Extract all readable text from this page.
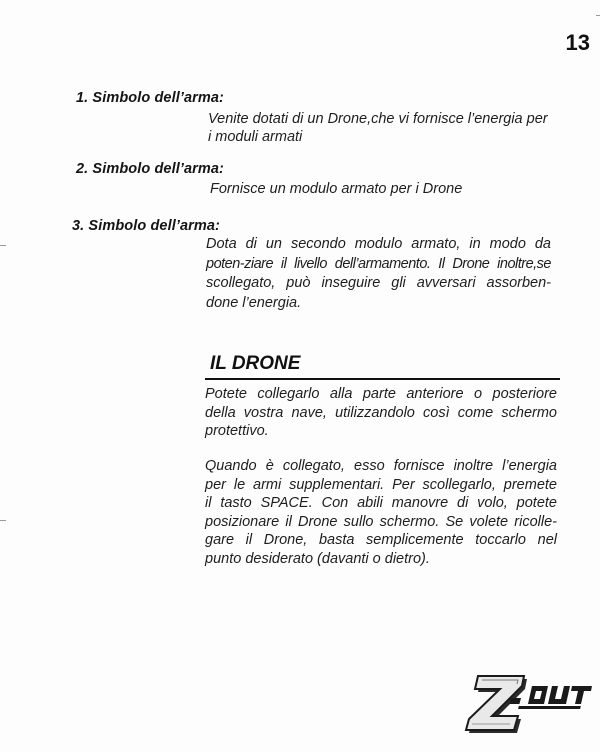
13
1. Simbolo dell’arma:
Venite dotati di un Drone,che vi fornisce l’energia per
i moduli armati
2. Simbolo dell’arma:
Fornisce un modulo armato per i Drone
3. Simbolo dell’arma:
Dota di un secondo modulo armato, in modo da
poten-ziare il livello dell’armamento. Il Drone inoltre,se
scollegato, può inseguire gli avversari assorben-
done l’energia.
IL DRONE
Potete collegarlo alla parte anteriore o posteriore
della vostra nave, utilizzandolo così come schermo
protettivo.
Quando è collegato, esso fornisce inoltre l’energia
per le armi supplementari. Per scollegarlo, premete
il tasto SPACE. Con abili manovre di volo, potete
posizionare il Drone sullo schermo. Se volete ricolle-
gare il Drone, basta semplicemente toccarlo nel
punto desiderato (davanti o dietro).
